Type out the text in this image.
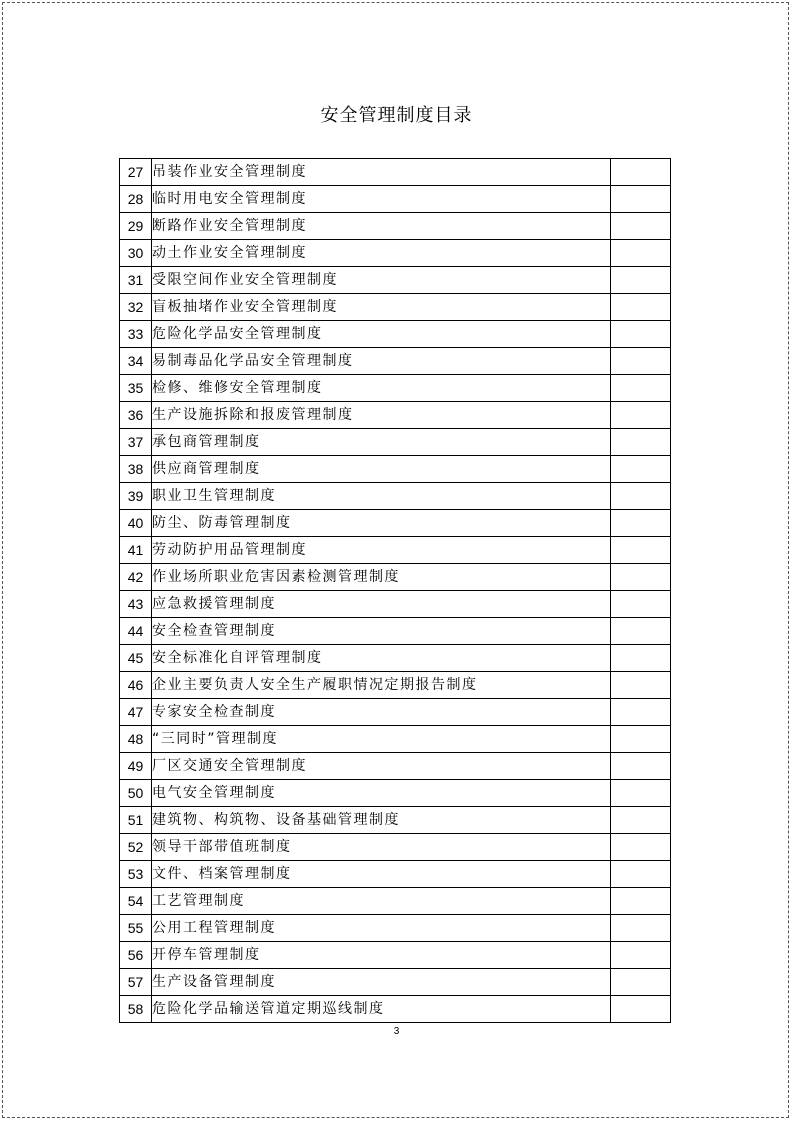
安全管理制度目录
27	吊装作业安全管理制度	
28	临时用电安全管理制度	
29	断路作业安全管理制度	
30	动土作业安全管理制度	
31	受限空间作业安全管理制度	
32	盲板抽堵作业安全管理制度	
33	危险化学品安全管理制度	
34	易制毒品化学品安全管理制度	
35	检修、维修安全管理制度	
36	生产设施拆除和报废管理制度	
37	承包商管理制度	
38	供应商管理制度	
39	职业卫生管理制度	
40	防尘、防毒管理制度	
41	劳动防护用品管理制度	
42	作业场所职业危害因素检测管理制度	
43	应急救援管理制度	
44	安全检查管理制度	
45	安全标准化自评管理制度	
46	企业主要负责人安全生产履职情况定期报告制度	
47	专家安全检查制度	
48	“三同时”管理制度	
49	厂区交通安全管理制度	
50	电气安全管理制度	
51	建筑物、构筑物、设备基础管理制度	
52	领导干部带值班制度	
53	文件、档案管理制度	
54	工艺管理制度	
55	公用工程管理制度	
56	开停车管理制度	
57	生产设备管理制度	
58	危险化学品输送管道定期巡线制度	
3
